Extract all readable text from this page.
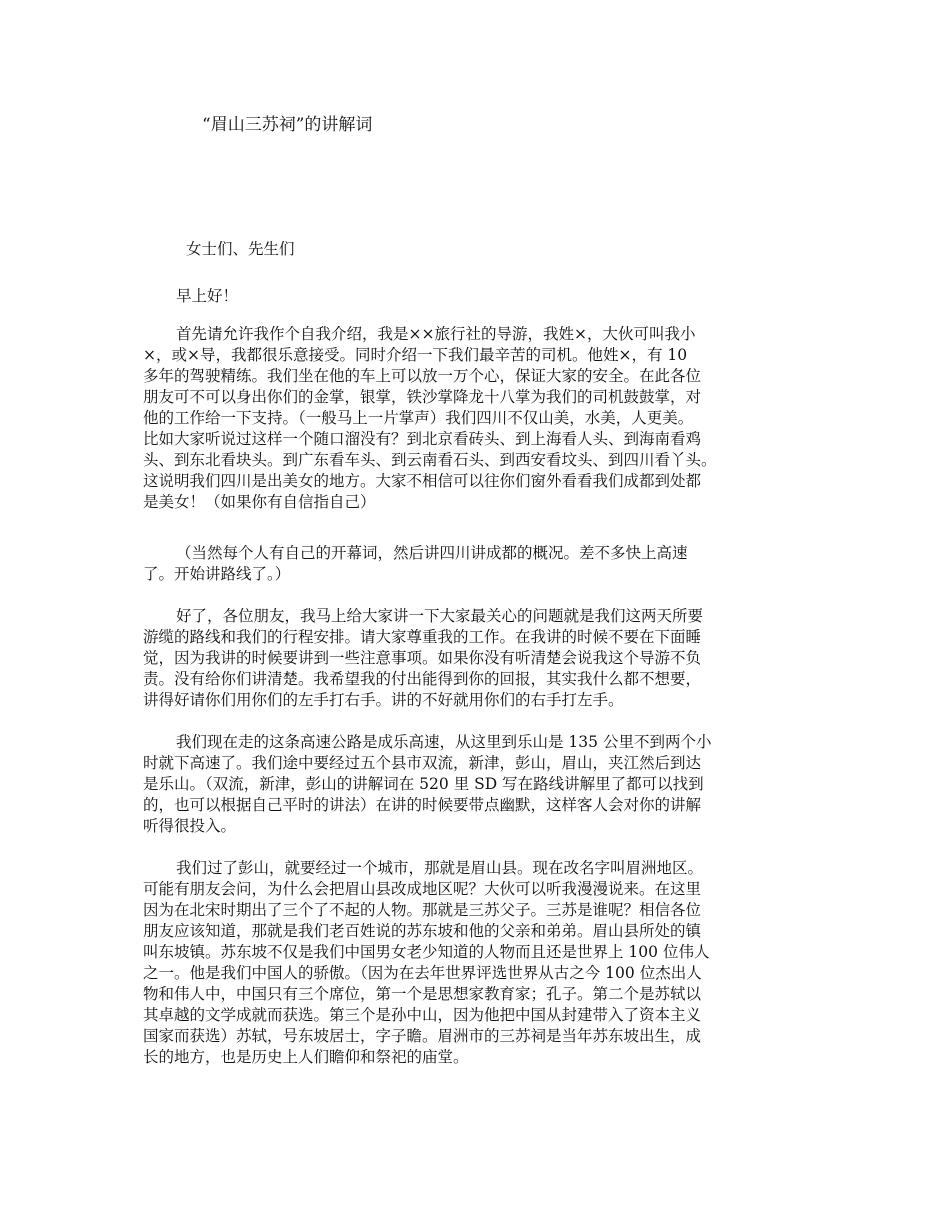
“眉山三苏祠”的讲解词
女士们、先生们
早上好！
首先请允许我作个自我介绍，我是××旅行社的导游，我姓×，大伙可叫我小
×，或×导，我都很乐意接受。同时介绍一下我们最辛苦的司机。他姓×，有 10
多年的驾驶精练。我们坐在他的车上可以放一万个心，保证大家的安全。在此各位
朋友可不可以身出你们的金掌，银掌，铁沙掌降龙十八掌为我们的司机鼓鼓掌，对
他的工作给一下支持。（一般马上一片掌声）我们四川不仅山美，水美，人更美。
比如大家听说过这样一个随口溜没有？到北京看砖头、到上海看人头、到海南看鸡
头、到东北看块头。到广东看车头、到云南看石头、到西安看坟头、到四川看丫头。
这说明我们四川是出美女的地方。大家不相信可以往你们窗外看看我们成都到处都
是美女！（如果你有自信指自己）
（当然每个人有自己的开幕词，然后讲四川讲成都的概况。差不多快上高速
了。开始讲路线了。）
好了，各位朋友，我马上给大家讲一下大家最关心的问题就是我们这两天所要
游缆的路线和我们的行程安排。请大家尊重我的工作。在我讲的时候不要在下面睡
觉，因为我讲的时候要讲到一些注意事项。如果你没有听清楚会说我这个导游不负
责。没有给你们讲清楚。我希望我的付出能得到你的回报，其实我什么都不想要，
讲得好请你们用你们的左手打右手。讲的不好就用你们的右手打左手。
我们现在走的这条高速公路是成乐高速，从这里到乐山是 135 公里不到两个小
时就下高速了。我们途中要经过五个县市双流，新津，彭山，眉山，夹江然后到达
是乐山。（双流，新津，彭山的讲解词在 520 里 SD 写在路线讲解里了都可以找到
的，也可以根据自己平时的讲法）在讲的时候要带点幽默，这样客人会对你的讲解
听得很投入。
我们过了彭山，就要经过一个城市，那就是眉山县。现在改名字叫眉洲地区。
可能有朋友会问，为什么会把眉山县改成地区呢？大伙可以听我漫漫说来。在这里
因为在北宋时期出了三个了不起的人物。那就是三苏父子。三苏是谁呢？相信各位
朋友应该知道，那就是我们老百姓说的苏东坡和他的父亲和弟弟。眉山县所处的镇
叫东坡镇。苏东坡不仅是我们中国男女老少知道的人物而且还是世界上 100 位伟人
之一。他是我们中国人的骄傲。（因为在去年世界评选世界从古之今 100 位杰出人
物和伟人中，中国只有三个席位，第一个是思想家教育家；孔子。第二个是苏轼以
其卓越的文学成就而获选。第三个是孙中山，因为他把中国从封建带入了资本主义
国家而获选）苏轼，号东坡居士，字子瞻。眉洲市的三苏祠是当年苏东坡出生，成
长的地方，也是历史上人们瞻仰和祭祀的庙堂。
